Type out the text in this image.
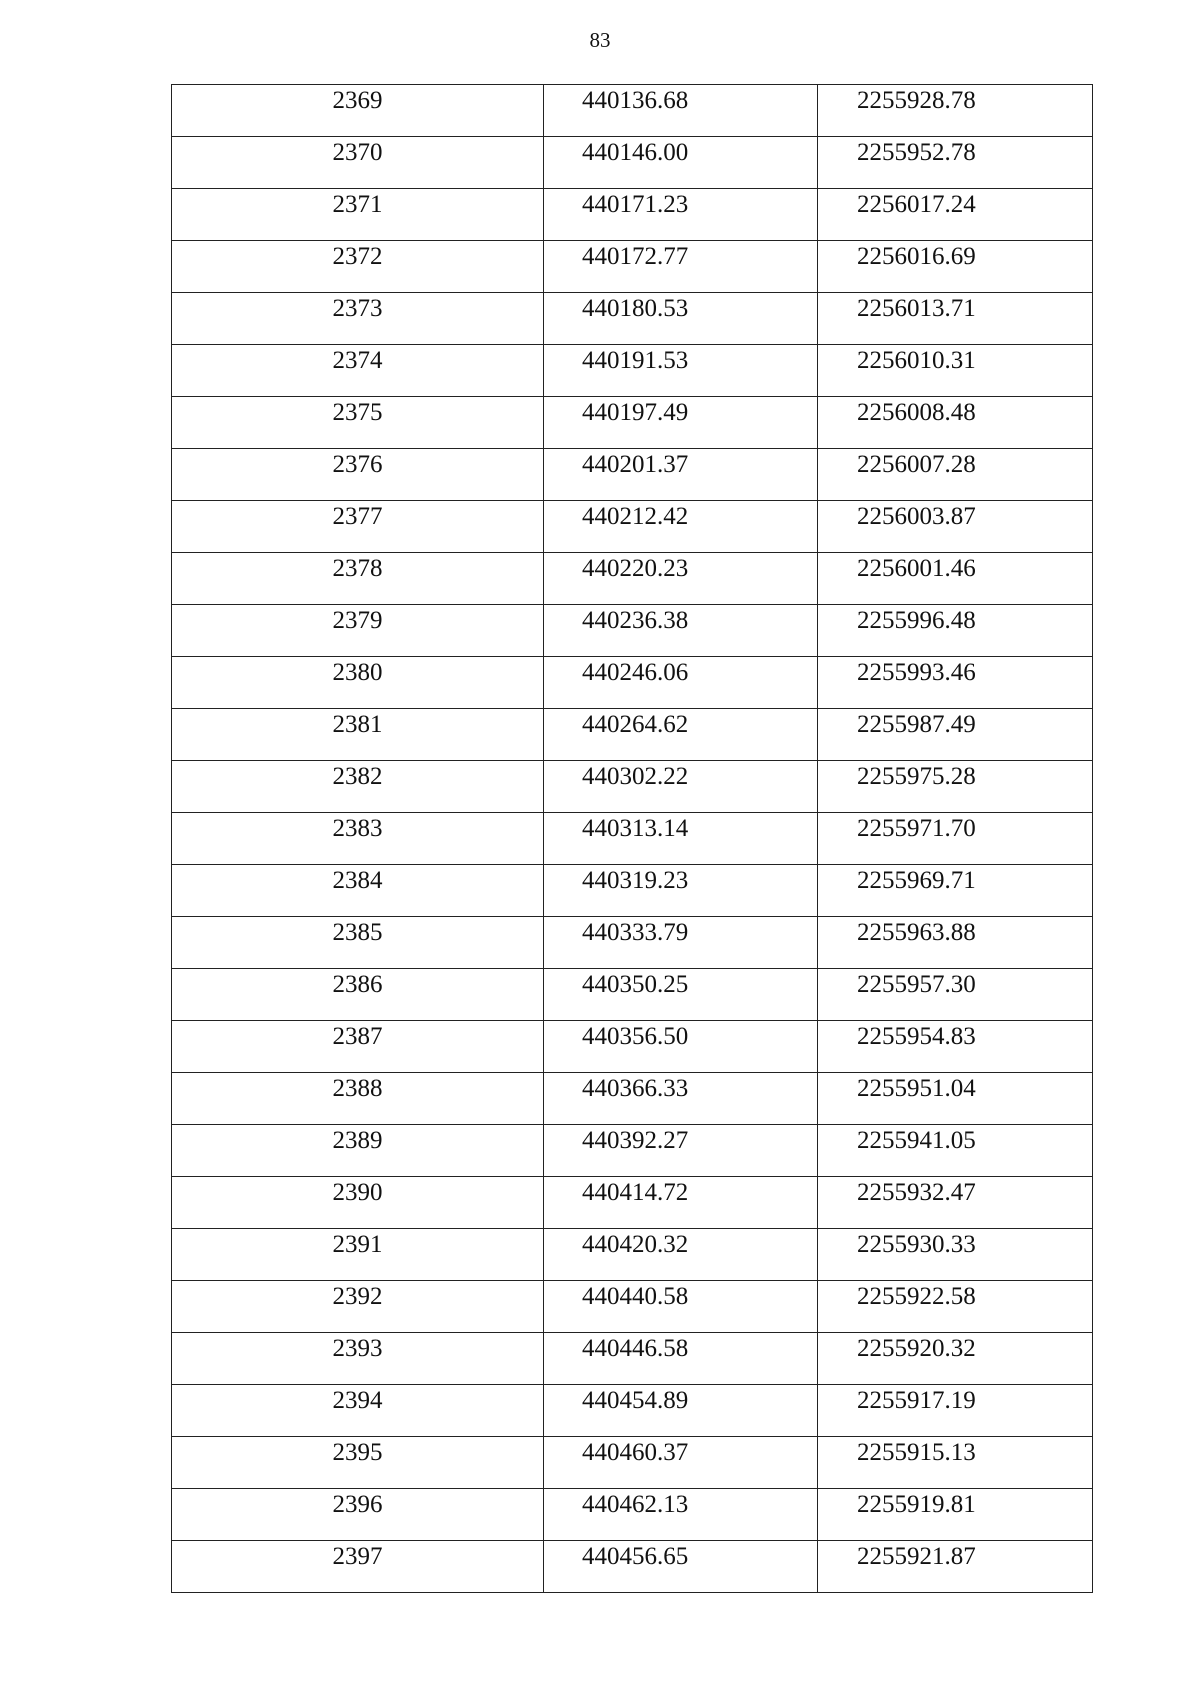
83
2369	440136.68	2255928.78

2370	440146.00	2255952.78

2371	440171.23	2256017.24

2372	440172.77	2256016.69

2373	440180.53	2256013.71

2374	440191.53	2256010.31

2375	440197.49	2256008.48

2376	440201.37	2256007.28

2377	440212.42	2256003.87

2378	440220.23	2256001.46

2379	440236.38	2255996.48

2380	440246.06	2255993.46

2381	440264.62	2255987.49

2382	440302.22	2255975.28

2383	440313.14	2255971.70

2384	440319.23	2255969.71

2385	440333.79	2255963.88

2386	440350.25	2255957.30

2387	440356.50	2255954.83

2388	440366.33	2255951.04

2389	440392.27	2255941.05

2390	440414.72	2255932.47

2391	440420.32	2255930.33

2392	440440.58	2255922.58

2393	440446.58	2255920.32

2394	440454.89	2255917.19

2395	440460.37	2255915.13

2396	440462.13	2255919.81

2397	440456.65	2255921.87
